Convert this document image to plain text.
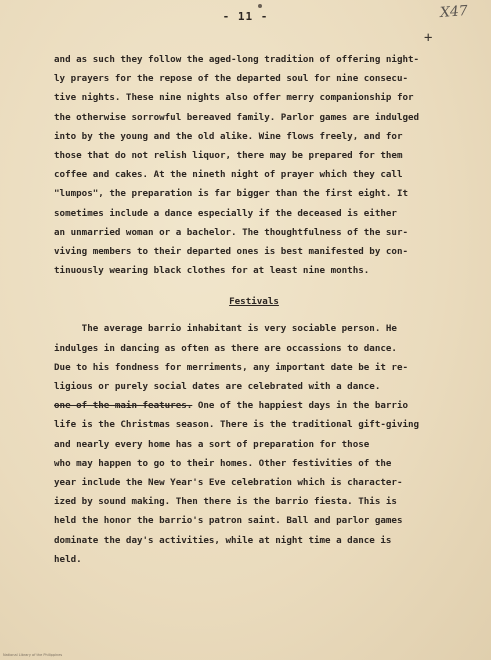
- 11 -	X47
+
and as such they follow the aged-long tradition of offering night-
ly prayers for the repose of the departed soul for nine consecu-
tive nights. These nine nights also offer merry companionship for
the otherwise sorrowful bereaved family. Parlor games are indulged
into by the young and the old alike. Wine flows freely, and for
those that do not relish liquor, there may be prepared for them
coffee and cakes. At the nineth night of prayer which they call
"lumpos", the preparation is far bigger than the first eight. It
sometimes include a dance especially if the deceased is either
an unmarried woman or a bachelor. The thoughtfulness of the sur-
viving members to their departed ones is best manifested by con-
tinuously wearing black clothes for at least nine months.
Festivals
The average barrio inhabitant is very sociable person. He
indulges in dancing as often as there are occassions to dance.
Due to his fondness for merriments, any important date be it re-
ligious or purely social dates are celebrated with a dance.
one of the main features. One of the happiest days in the barrio
life is the Christmas season. There is the traditional gift-giving
and nearly every home has a sort of preparation for those
who may happen to go to their homes. Other festivities of the
year include the New Year's Eve celebration which is character-
ized by sound making. Then there is the barrio fiesta. This is
held the honor the barrio's patron saint. Ball and parlor games
dominate the day's activities, while at night time a dance is
held.
National Library of the Philippines
